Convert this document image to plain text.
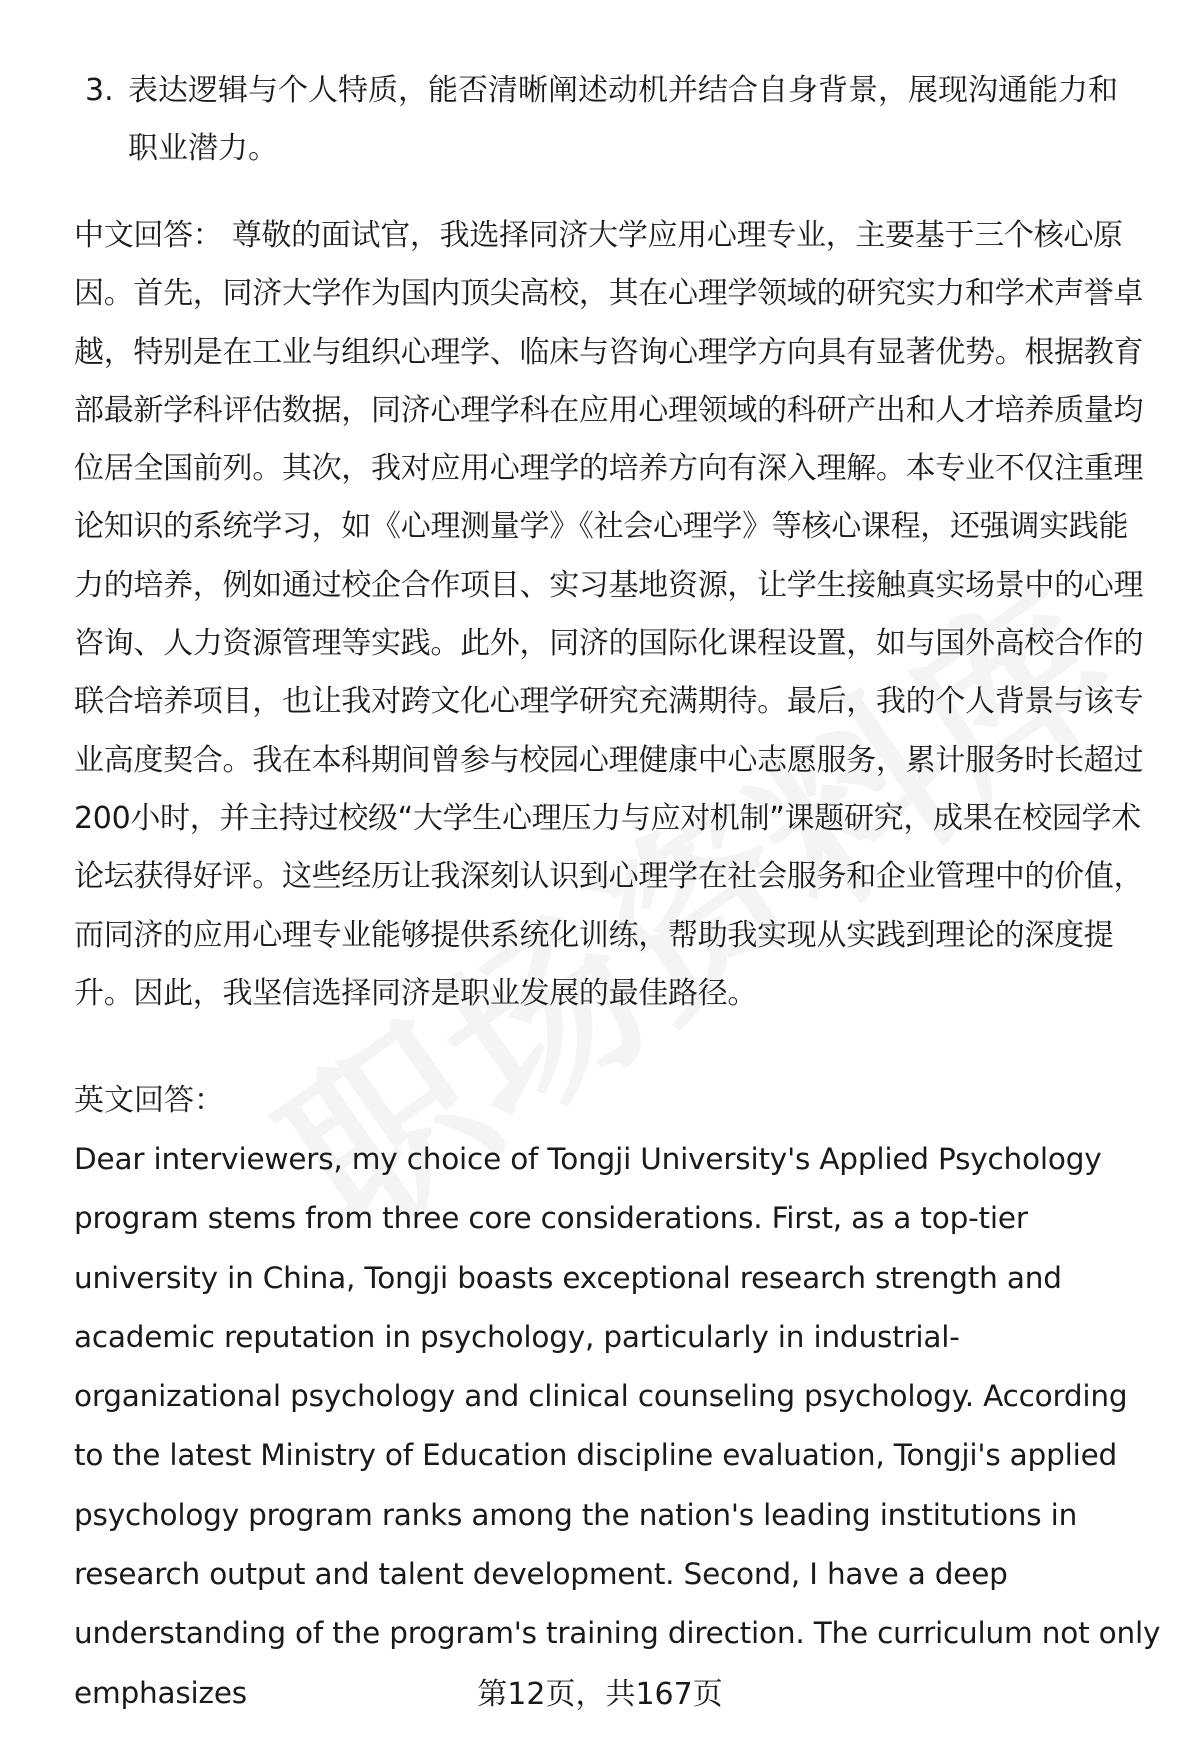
3. 表达逻辑与个人特质，能否清晰阐述动机并结合自身背景，展现沟通能力和职业潜力。
中文回答： 尊敬的面试官，我选择同济大学应用心理专业，主要基于三个核心原因。首先，同济大学作为国内顶尖高校，其在心理学领域的研究实力和学术声誉卓越，特别是在工业与组织心理学、临床与咨询心理学方向具有显著优势。根据教育部最新学科评估数据，同济心理学科在应用心理领域的科研产出和人才培养质量均位居全国前列。其次，我对应用心理学的培养方向有深入理解。本专业不仅注重理论知识的系统学习，如《心理测量学》《社会心理学》等核心课程，还强调实践能力的培养，例如通过校企合作项目、实习基地资源，让学生接触真实场景中的心理咨询、人力资源管理等实践。此外，同济的国际化课程设置，如与国外高校合作的联合培养项目，也让我对跨文化心理学研究充满期待。最后，我的个人背景与该专业高度契合。我在本科期间曾参与校园心理健康中心志愿服务，累计服务时长超过200小时，并主持过校级“大学生心理压力与应对机制”课题研究，成果在校园学术论坛获得好评。这些经历让我深刻认识到心理学在社会服务和企业管理中的价值，而同济的应用心理专业能够提供系统化训练，帮助我实现从实践到理论的深度提升。因此，我坚信选择同济是职业发展的最佳路径。
英文回答：
Dear interviewers, my choice of Tongji University's Applied Psychology program stems from three core considerations. First, as a top-tier university in China, Tongji boasts exceptional research strength and academic reputation in psychology, particularly in industrial-organizational psychology and clinical counseling psychology. According to the latest Ministry of Education discipline evaluation, Tongji's applied psychology program ranks among the nation's leading institutions in research output and talent development. Second, I have a deep understanding of the program's training direction. The curriculum not only emphasizes	第12页，共167页
